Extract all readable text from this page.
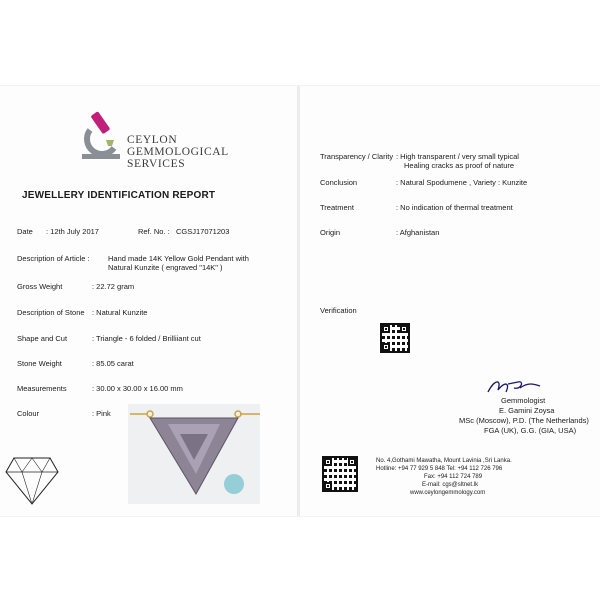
CEYLON
GEMMOLOGICAL
SERVICES
JEWELLERY IDENTIFICATION REPORT
Date : 12th July 2017	Ref. No. : CGSJ17071203
Description of Article : Hand made 14K Yellow Gold Pendant with
Natural Kunzite ( engraved "14K" )
Gross Weight	: 22.72 gram
Description of Stone : Natural Kunzite
Shape and Cut	: Triangle - 6 folded / Brilliiant cut
Stone Weight	: 85.05 carat
Measurements	: 30.00 x 30.00 x 16.00 mm
Colour	: Pink
Transparency / Clarity : High transparent / very small typical
Healing cracks as proof of nature
Conclusion	: Natural Spodumene , Variety : Kunzite
Treatment	: No indication of thermal treatment
Origin	: Afghanistan
Verification
Gemmologist
E. Gamini Zoysa
MSc (Moscow), P.D. (The Netherlands)
FGA (UK), G.G. (GIA, USA)
No. 4,Gothami Mawatha, Mount Lavinia ,Sri Lanka.
Hotline: +94 77 929 5 848 Tel: +94 112 726 796
Fax: +94 112 724 789
E-mail: cgs@sltnet.lk
www.ceylongemmology.com
